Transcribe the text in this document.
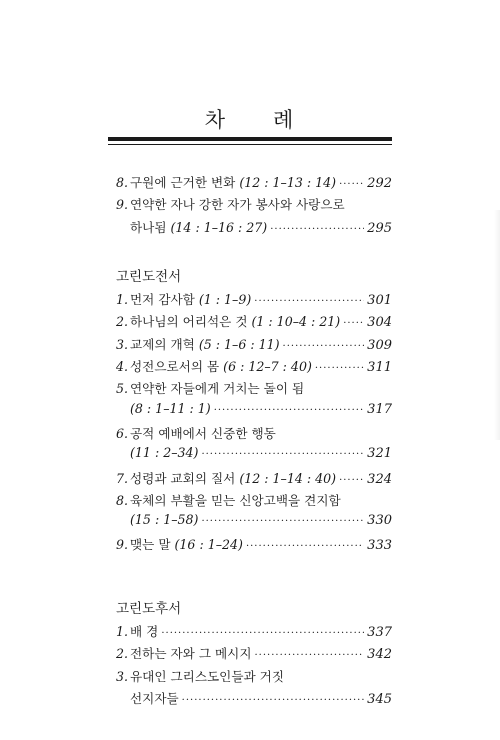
차 례
8. 구원에 근거한 변화 (12 : 1–13 : 14) ····· 292
9. 연약한 자나 강한 자가 봉사와 사랑으로
하나됨 (14 : 1–16 : 27) ·····	295
고린도전서
1. 먼저 감사함 (1 : 1–9) ·····	301
2. 하나님의 어리석은 것 (1 : 10–4 : 21) ····· 304
3. 교제의 개혁 (5 : 1–6 : 11) ·····	309
4. 성전으로서의 몸 (6 : 12–7 : 40) ·····	311
5. 연약한 자들에게 거치는 돌이 됨
(8 : 1–11 : 1) ·····	317
6. 공적 예배에서 신중한 행동
(11 : 2–34) ·····	321
7. 성령과 교회의 질서 (12 : 1–14 : 40) ····· 324
8. 육체의 부활을 믿는 신앙고백을 견지함
(15 : 1–58) ·····	330
9. 맺는 말 (16 : 1–24) ·····	333
고린도후서
1. 배 경 ·····	337
2. 전하는 자와 그 메시지 ·····	342
3. 유대인 그리스도인들과 거짓
선지자들 ·····	345
